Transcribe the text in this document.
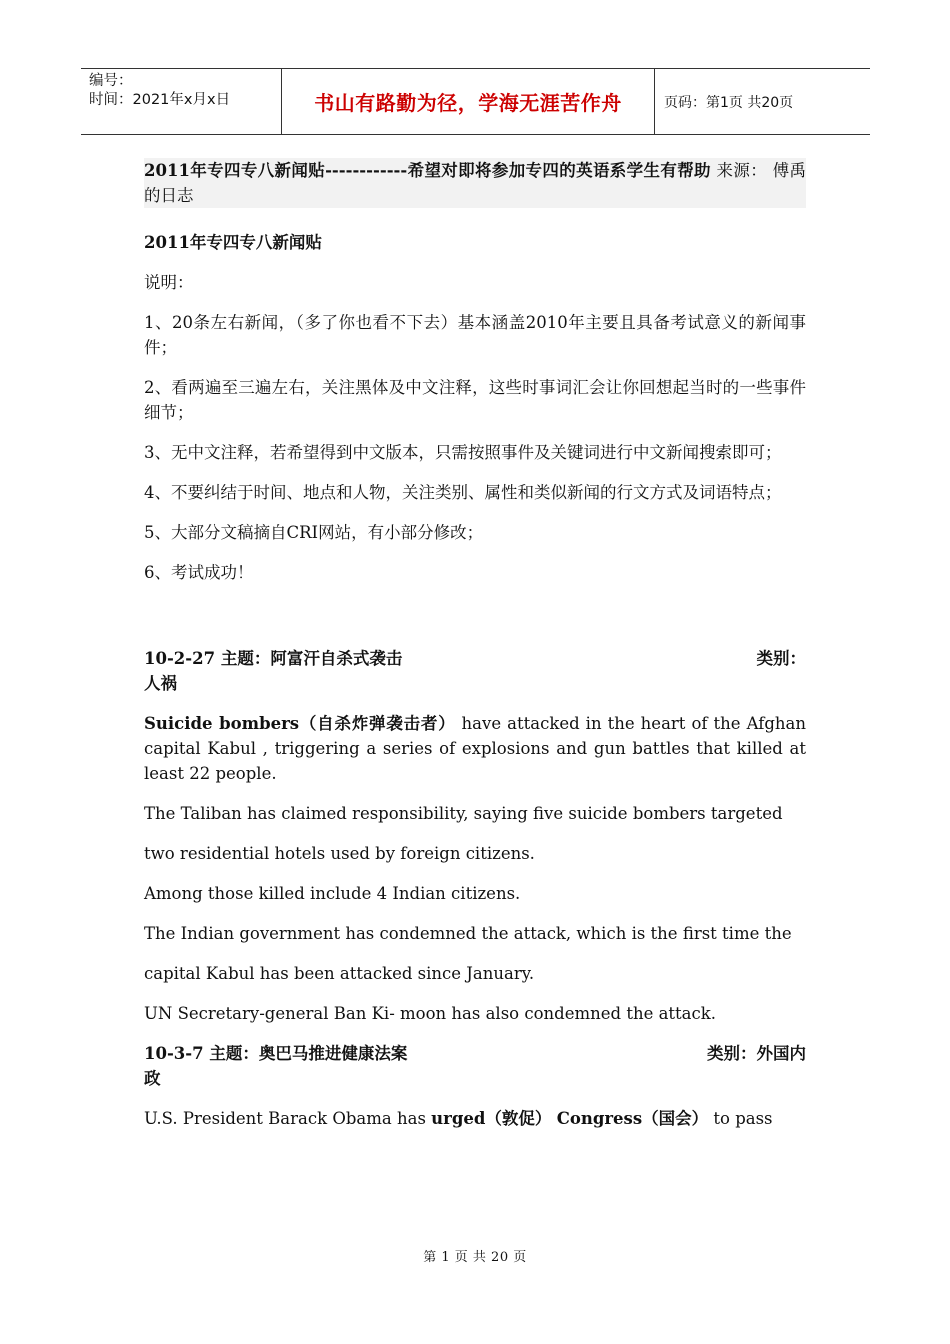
编号：
时间：2021年x月x日	书山有路勤为径，学海无涯苦作舟	页码：第1页 共20页

2011年专四专八新闻贴------------希望对即将参加专四的英语系学生有帮助 来源： 傅禹的日志

2011年专四专八新闻贴

说明：

1、20条左右新闻，（多了你也看不下去）基本涵盖2010年主要且具备考试意义的新闻事件；

2、看两遍至三遍左右，关注黑体及中文注释，这些时事词汇会让你回想起当时的一些事件细节；

3、无中文注释，若希望得到中文版本，只需按照事件及关键词进行中文新闻搜索即可；

4、不要纠结于时间、地点和人物，关注类别、属性和类似新闻的行文方式及词语特点；

5、大部分文稿摘自CRI网站，有小部分修改；

6、考试成功！

10-2-27 主题：阿富汗自杀式袭击	类别：
人祸

Suicide bombers（自杀炸弹袭击者） have attacked in the heart of the Afghan capital Kabul , triggering a series of explosions and gun battles that killed at least 22 people.

The Taliban has claimed responsibility, saying five suicide bombers targeted

two residential hotels used by foreign citizens.

Among those killed include 4 Indian citizens.

The Indian government has condemned the attack, which is the first time the

capital Kabul has been attacked since January.

UN Secretary-general Ban Ki- moon has also condemned the attack.

10-3-7 主题：奥巴马推进健康法案	类别：外国内
政

U.S. President Barack Obama has urged（敦促） Congress（国会） to pass

第 1 页 共 20 页
